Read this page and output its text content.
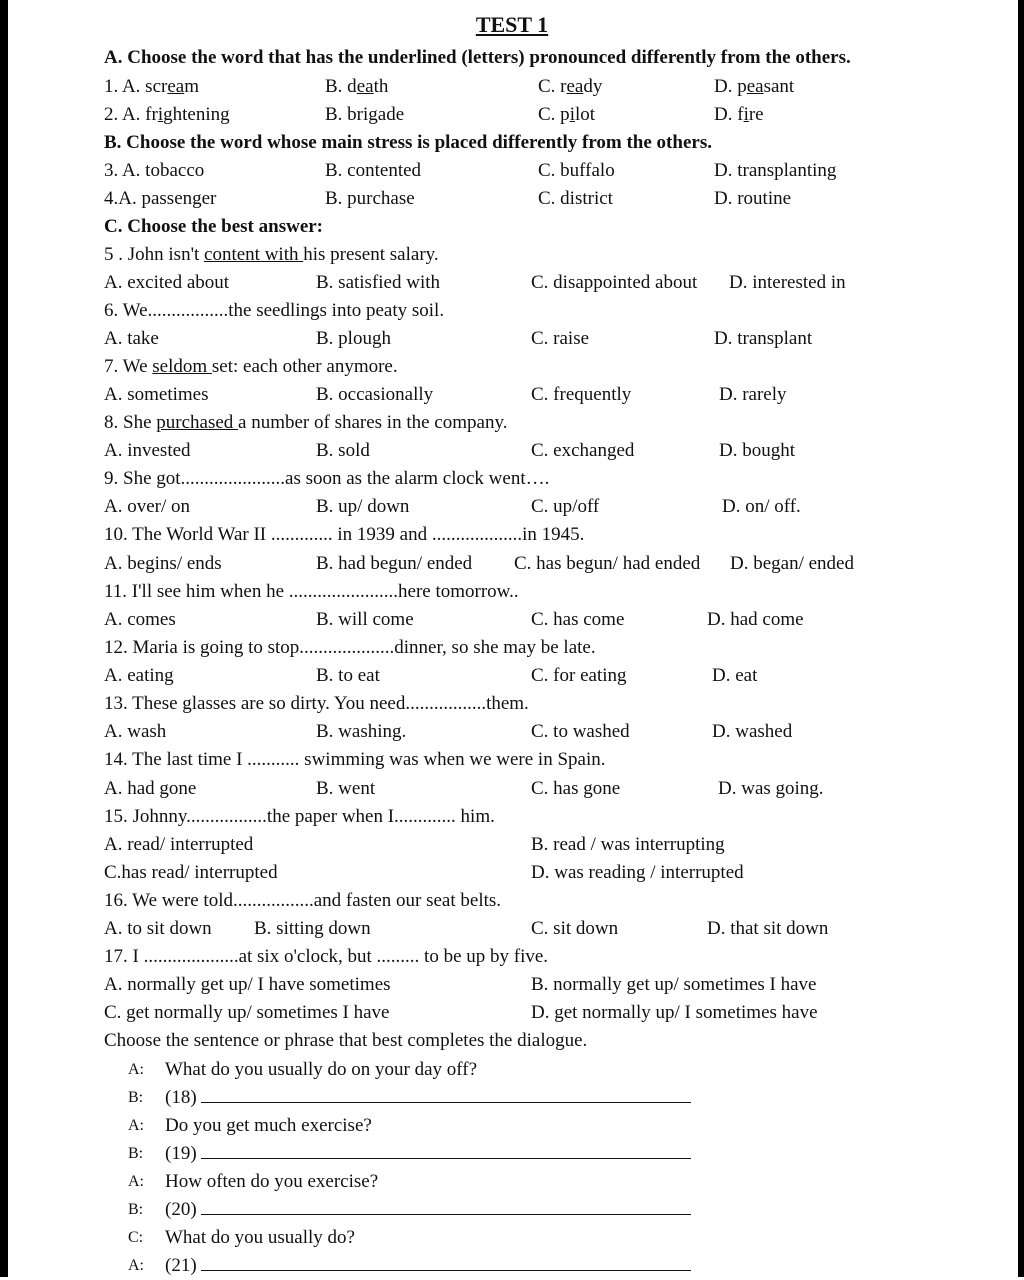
TEST 1
A. Choose the word that has the underlined (letters) pronounced differently from the others.
1. A. scream	B. death	C. ready	D. peasant
2. A. frightening	B. brigade	C. pilot	D. fire
B. Choose the word whose main stress is placed differently from the others.
3. A. tobacco	B. contented	C. buffalo	D. transplanting
4.A. passenger	B. purchase	C. district	D. routine
C. Choose the best answer:
5 . John isn't content with his present salary.
A. excited about	B. satisfied with	C. disappointed about D. interested in
6. We.................the seedlings into peaty soil.
A. take	B. plough	C. raise	D. transplant
7. We seldom set: each other anymore.
A. sometimes	B. occasionally	C. frequently	D. rarely
8. She purchased a number of shares in the company.
A. invested	B. sold	C. exchanged	D. bought
9. She got......................as soon as the alarm clock went….
A. over/ on	B. up/ down	C. up/off	D. on/ off.
10. The World War II ............. in 1939 and ...................in 1945.
A. begins/ ends	B. had begun/ ended C. has begun/ had ended D. began/ ended
11. I'll see him when he .......................here tomorrow..
A. comes	B. will come	C. has come	D. had come
12. Maria is going to stop....................dinner, so she may be late.
A. eating	B. to eat	C. for eating	D. eat
13. These glasses are so dirty. You need.................them.
A. wash	B. washing.	C. to washed	D. washed
14. The last time I ........... swimming was when we were in Spain.
A. had gone	B. went	C. has gone	D. was going.
15. Johnny.................the paper when I............. him.
A. read/ interrupted	B. read / was interrupting
C.has read/ interrupted	D. was reading / interrupted
16. We were told.................and fasten our seat belts.
A. to sit down B. sitting down	C. sit down	D. that sit down
17. I ....................at six o'clock, but ......... to be up by five.
A. normally get up/ I have sometimes	B. normally get up/ sometimes I have
C. get normally up/ sometimes I have	D. get normally up/ I sometimes have
Choose the sentence or phrase that best completes the dialogue.
A: What do you usually do on your day off?
B: (18)
A: Do you get much exercise?
B: (19)
A: How often do you exercise?
B: (20)
C: What do you usually do?
A: (21)
